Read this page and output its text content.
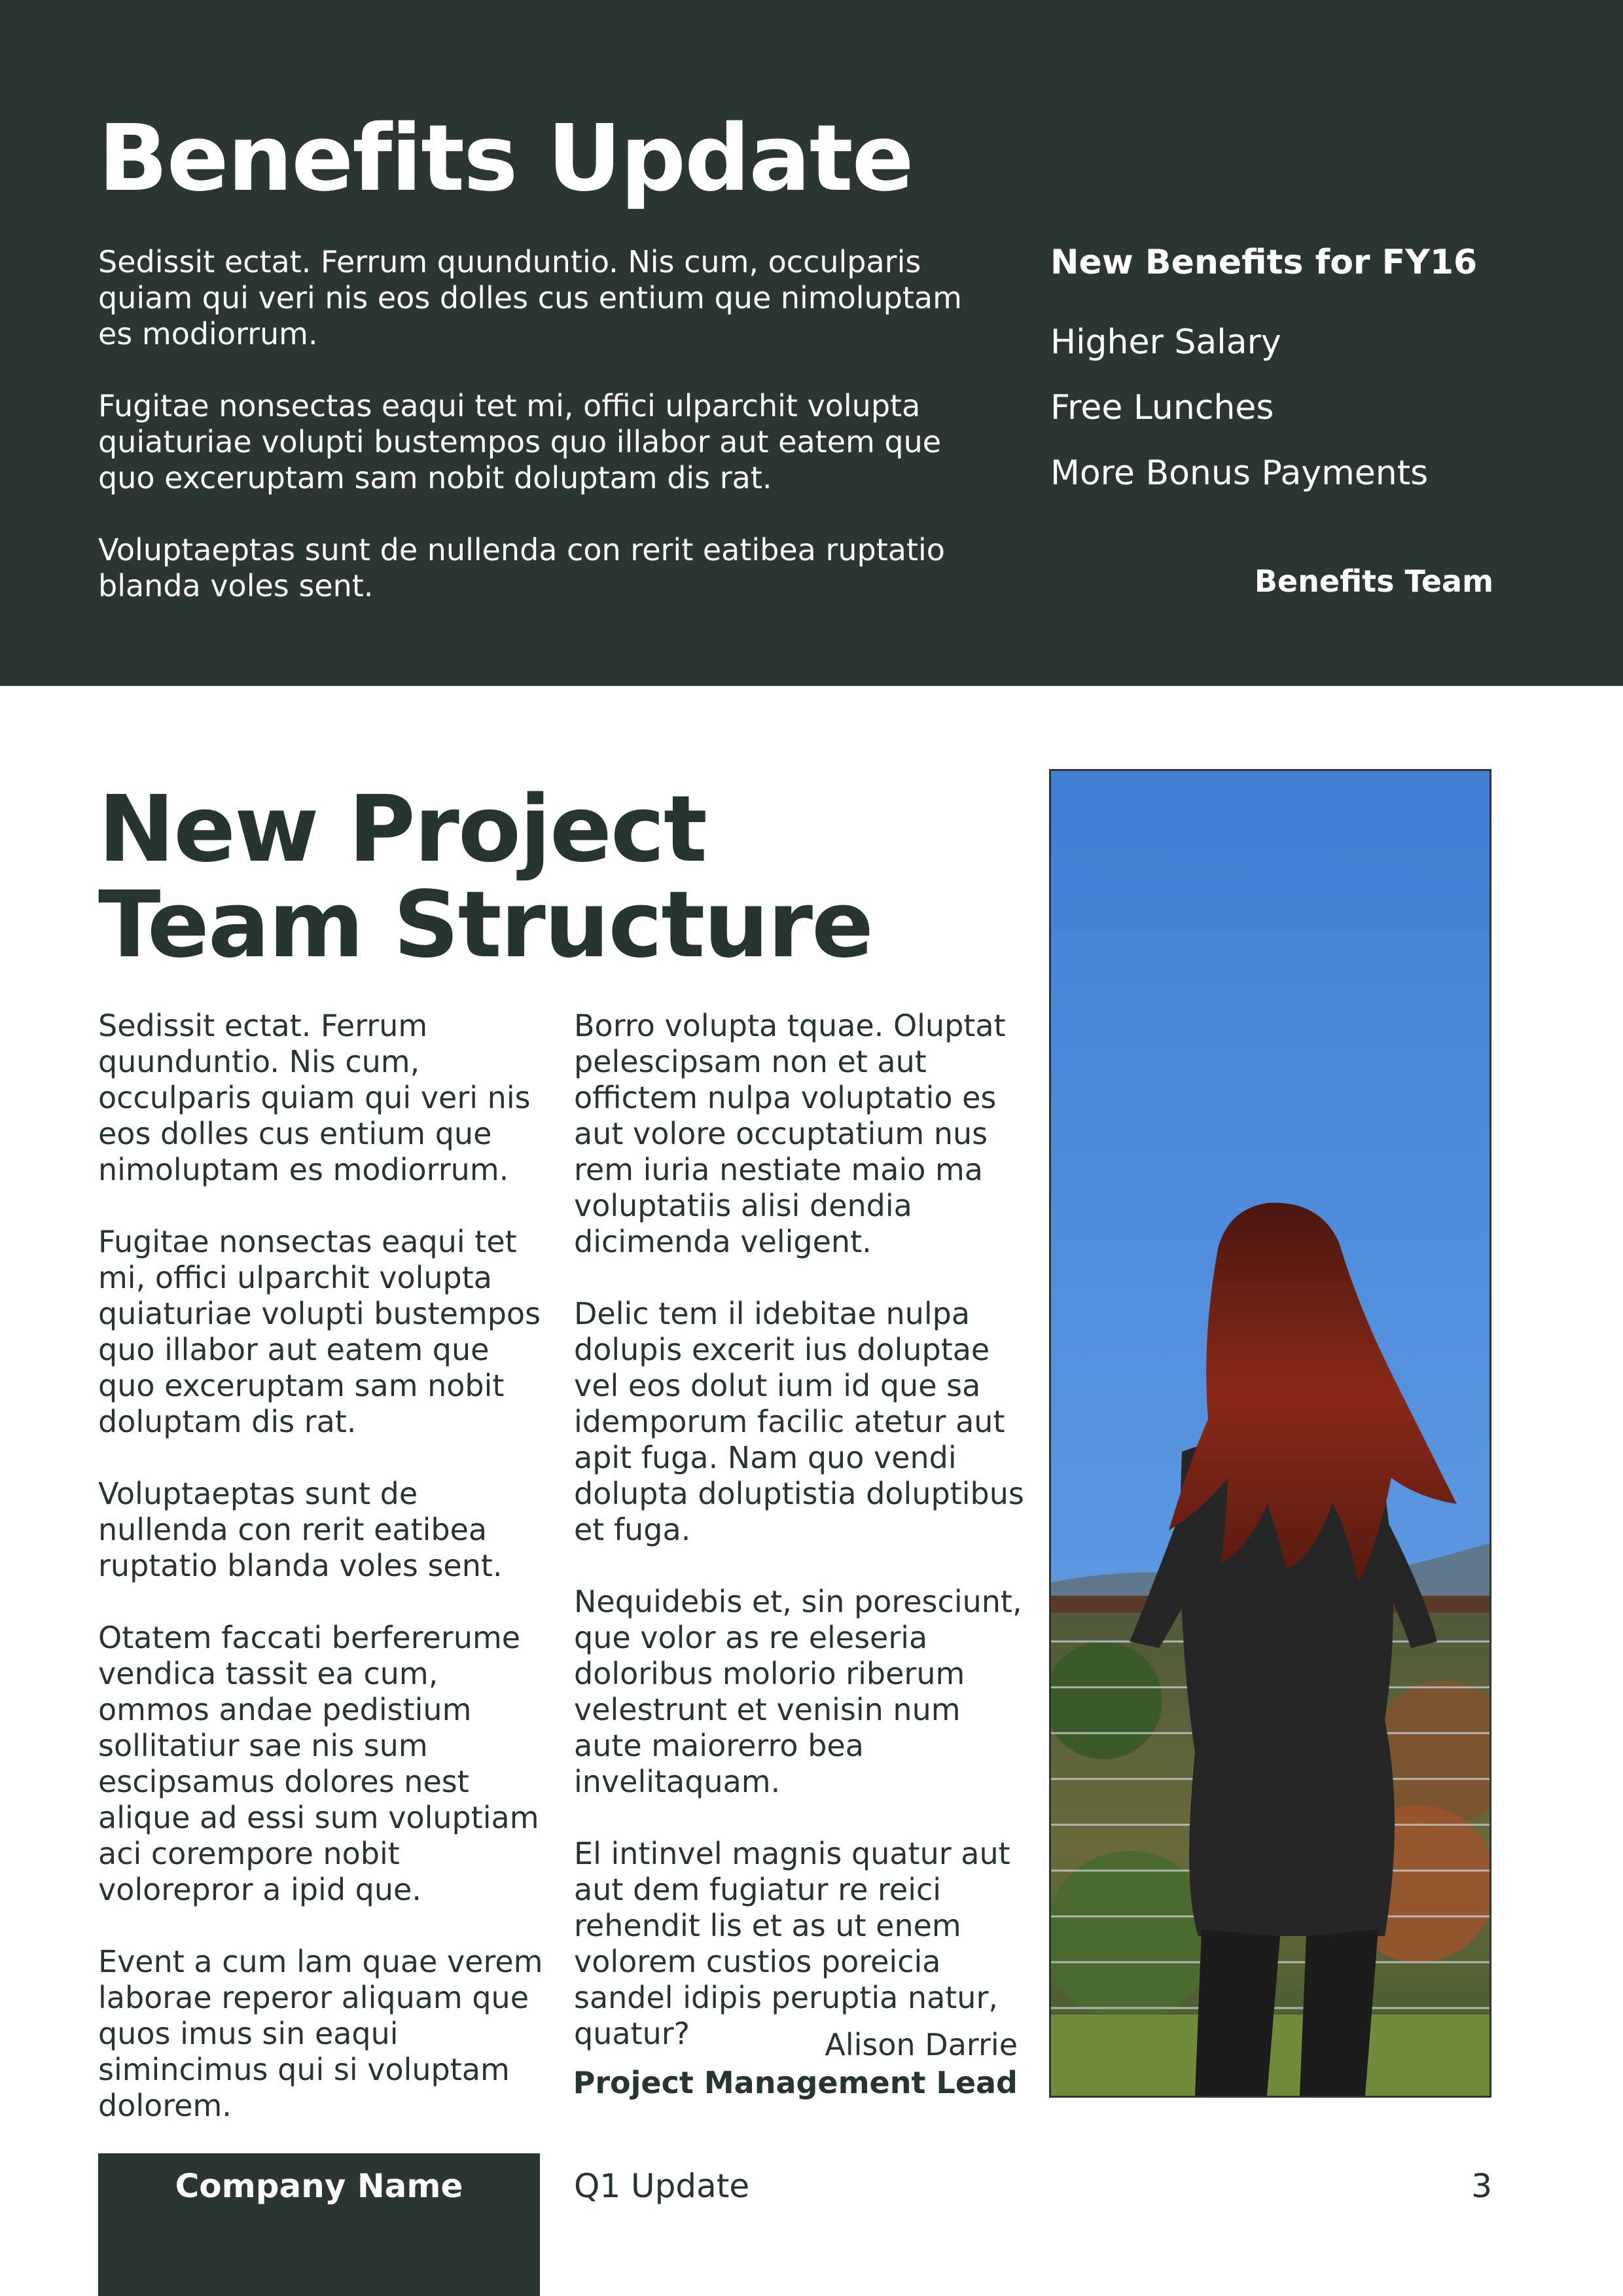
Benefits Update

Sedissit ectat. Ferrum quunduntio. Nis cum, occulparis quiam qui veri nis eos dolles cus entium que nimoluptam es modiorrum.

Fugitae nonsectas eaqui tet mi, offici ulparchit volupta quiaturiae volupti bustempos quo illabor aut eatem que quo exceruptam sam nobit doluptam dis rat.

Voluptaeptas sunt de nullenda con rerit eatibea ruptatio blanda voles sent.

New Benefits for FY16
Higher Salary
Free Lunches
More Bonus Payments
Benefits Team
New Project
Team Structure

Sedissit ectat. Ferrum quunduntio. Nis cum, occulparis quiam qui veri nis eos dolles cus entium que nimoluptam es modiorrum.

Fugitae nonsectas eaqui tet mi, offici ulparchit volupta quiaturiae volupti bustempos quo illabor aut eatem que quo exceruptam sam nobit doluptam dis rat.

Voluptaeptas sunt de nullenda con rerit eatibea ruptatio blanda voles sent.

Otatem faccati berfererume vendica tassit ea cum, ommos andae pedistium sollitatiur sae nis sum escipsamus dolores nest alique ad essi sum voluptiam aci corempore nobit volorepror a ipid que.

Event a cum lam quae verem laborae reperor aliquam que quos imus sin eaqui simincimus qui si voluptam dolorem.

Borro volupta tquae. Oluptat pelescipsam non et aut offictem nulpa voluptatio es aut volore occuptatium nus rem iuria nestiate maio ma voluptatiis alisi dendia dicimenda veligent.

Delic tem il idebitae nulpa dolupis excerit ius doluptae vel eos dolut ium id que sa idemporum facilic atetur aut apit fuga. Nam quo vendi dolupta doluptistia doluptibus et fuga.

Nequidebis et, sin poresciunt, que volor as re eleseria doloribus molorio riberum velestrunt et venisin num aute maiorerro bea invelitaquam.

El intinvel magnis quatur aut aut dem fugiatur re reici rehendit lis et as ut enem volorem custios poreicia sandel idipis peruptia natur, quatur?	Alison Darrie
Project Management Lead
Company Name	Q1 Update	3
